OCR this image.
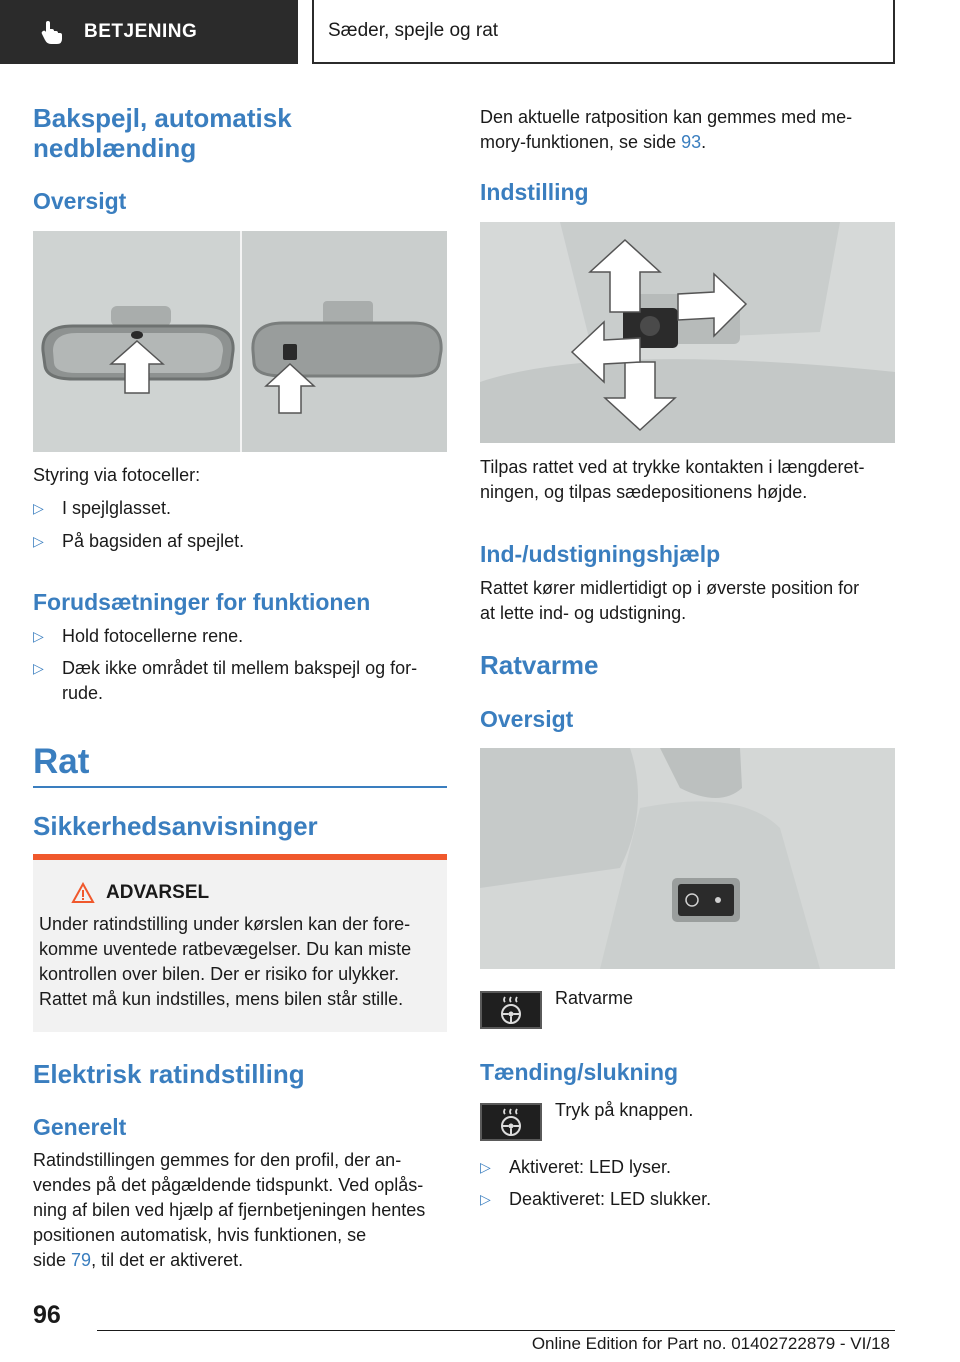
BETJENING	Sæder, spejle og rat
Bakspejl, automatisk
nedblænding
Oversigt
Styring via fotoceller:
▷	I spejlglasset.
▷	På bagsiden af spejlet.
Forudsætninger for funktionen
▷	Hold fotocellerne rene.
▷	Dæk ikke området til mellem bakspejl og for-
rude.
Rat
Sikkerhedsanvisninger
ADVARSEL
Under ratindstilling under kørslen kan der fore-
komme uventede ratbevægelser. Du kan miste
kontrollen over bilen. Der er risiko for ulykker.
Rattet må kun indstilles, mens bilen står stille.
Elektrisk ratindstilling
Generelt
Ratindstillingen gemmes for den profil, der an-
vendes på det pågældende tidspunkt. Ved oplås-
ning af bilen ved hjælp af fjernbetjeningen hentes
positionen automatisk, hvis funktionen, se
side 79, til det er aktiveret.
Den aktuelle ratposition kan gemmes med me-
mory-funktionen, se side 93.
Indstilling
Tilpas rattet ved at trykke kontakten i længderet-
ningen, og tilpas sædepositionens højde.
Ind-/udstigningshjælp
Rattet kører midlertidigt op i øverste position for
at lette ind- og udstigning.
Ratvarme
Oversigt
Ratvarme
Tænding/slukning
Tryk på knappen.
▷	Aktiveret: LED lyser.
▷	Deaktiveret: LED slukker.
96
Online Edition for Part no. 01402722879 - VI/18
